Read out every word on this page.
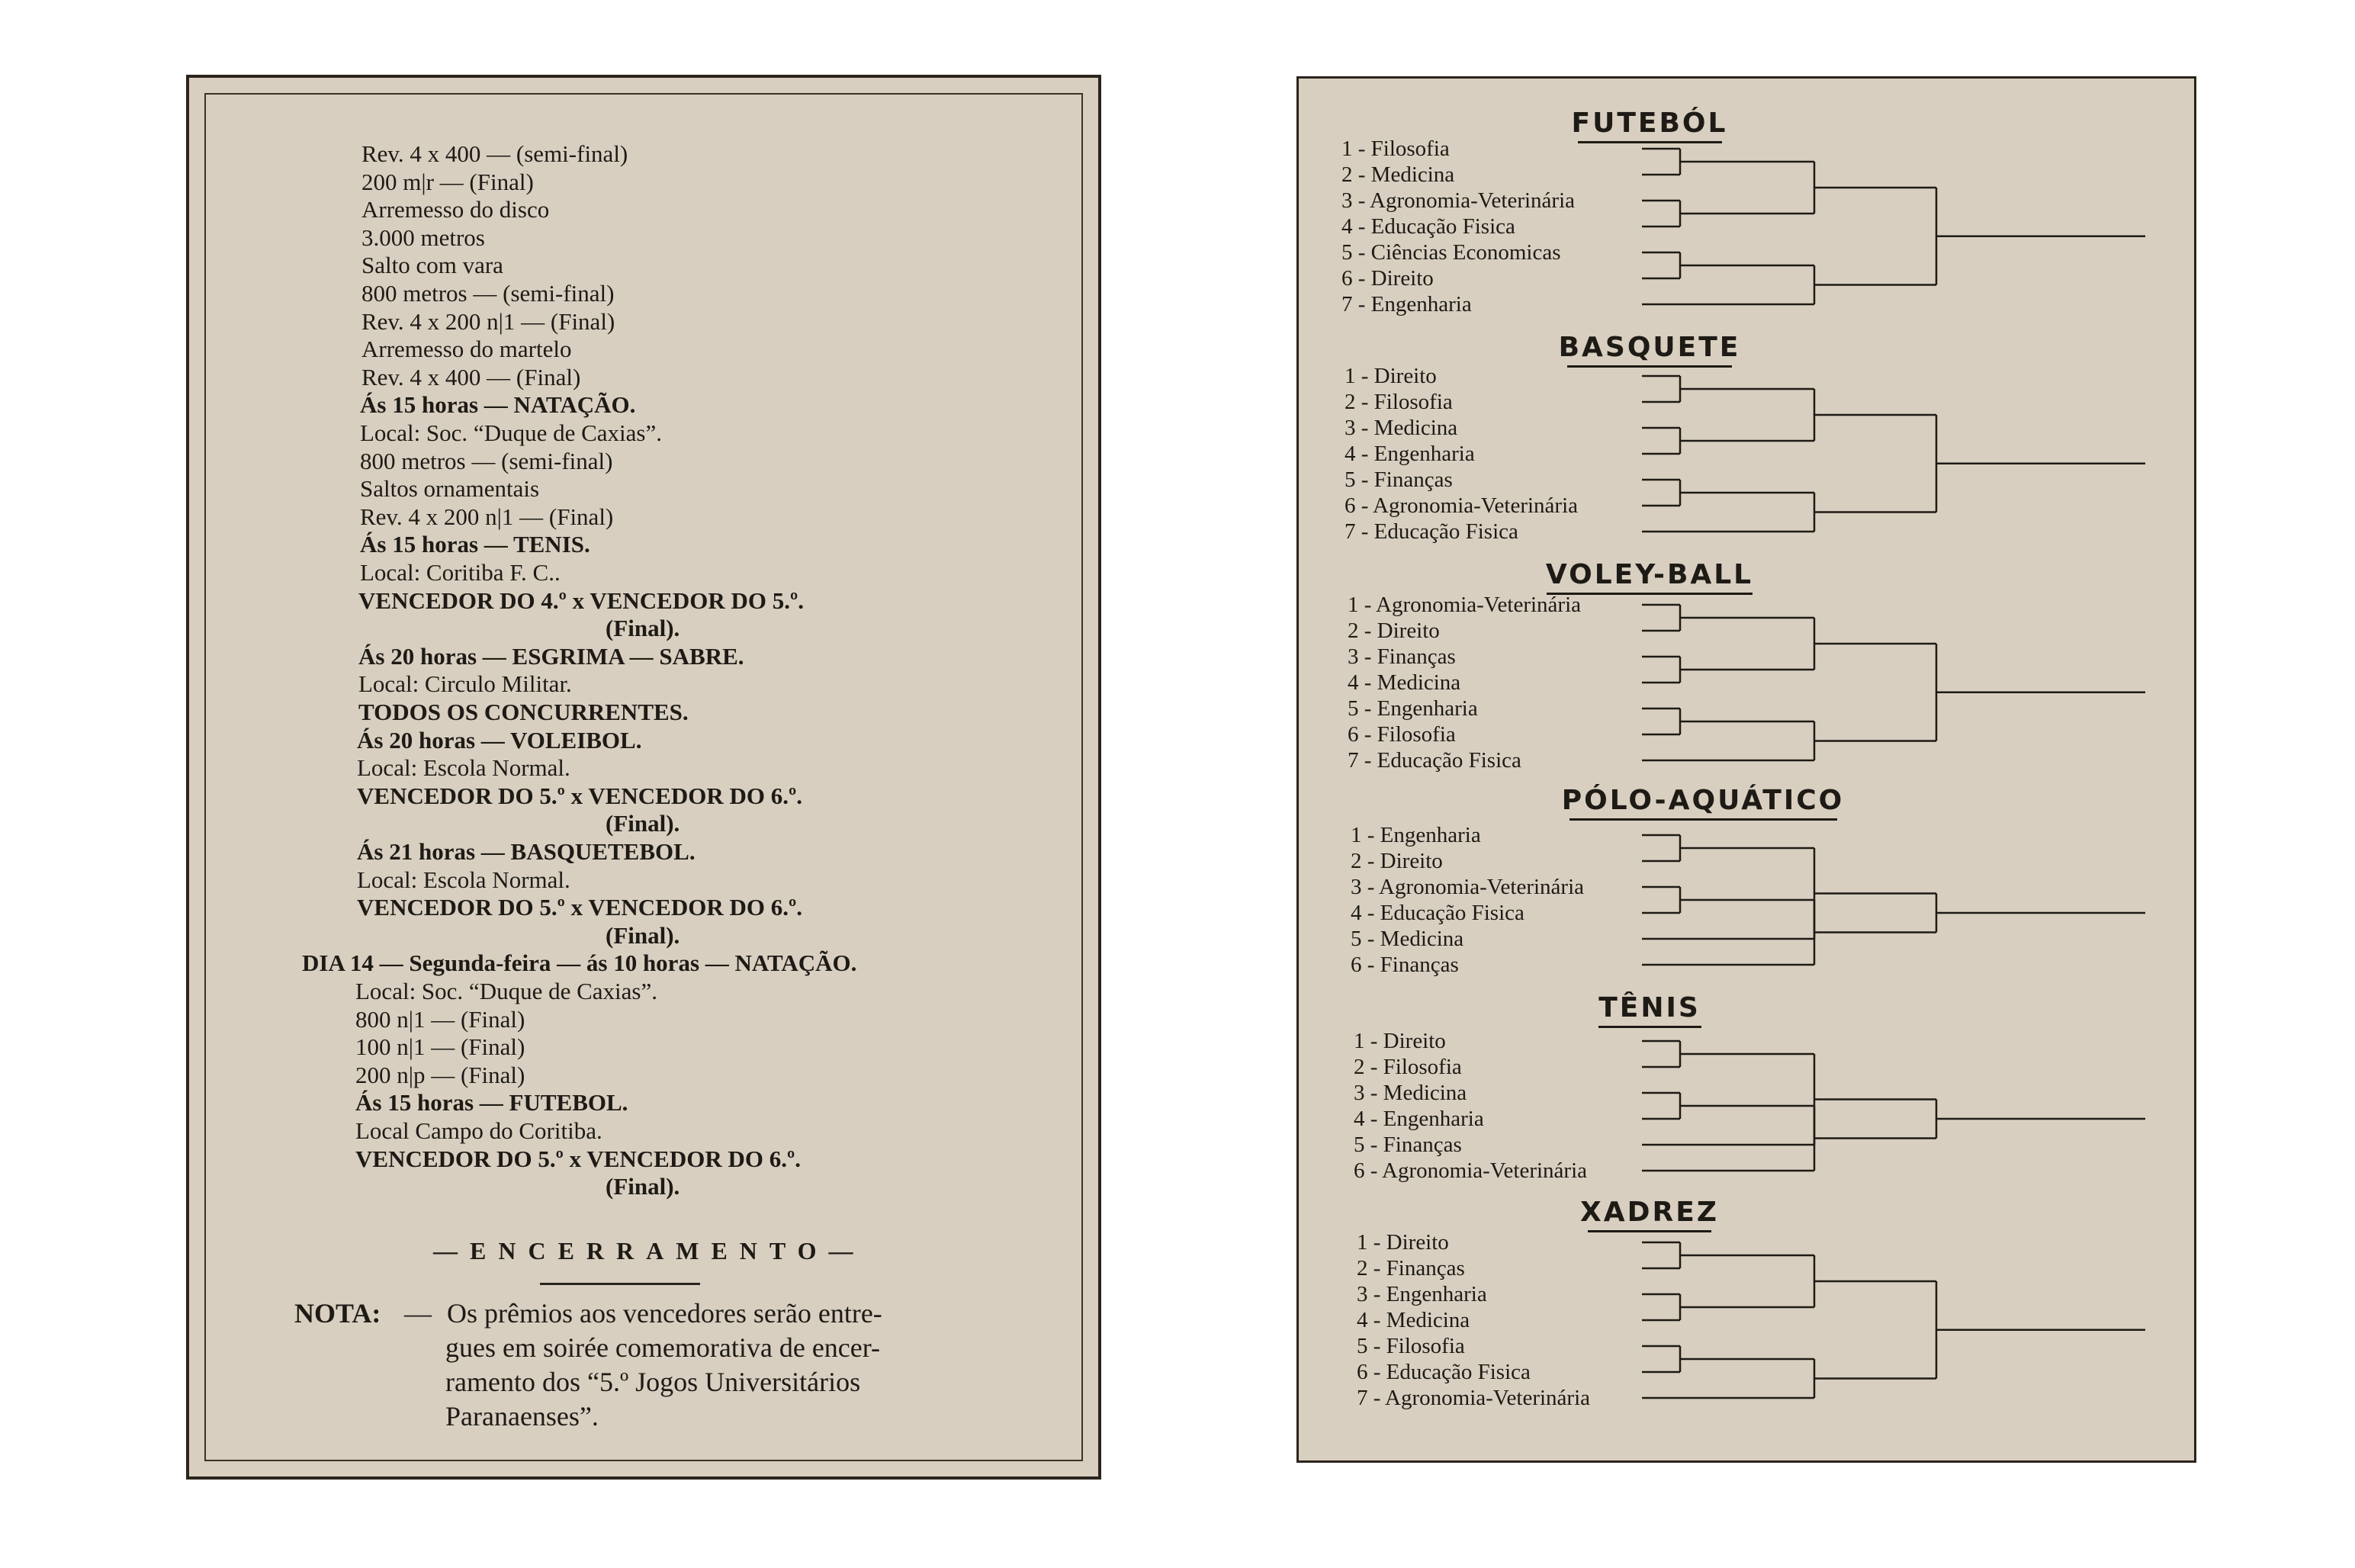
Rev. 4 x 400 — (semi-final)
200 m|r — (Final)
Arremesso do disco
3.000 metros
Salto com vara
800 metros — (semi-final)
Rev. 4 x 200 n|1 — (Final)
Arremesso do martelo
Rev. 4 x 400 — (Final)
Ás 15 horas — NATAÇÃO.
Local: Soc. “Duque de Caxias”.
800 metros — (semi-final)
Saltos ornamentais
Rev. 4 x 200 n|1 — (Final)
Ás 15 horas — TENIS.
Local: Coritiba F. C..
VENCEDOR DO 4.º x VENCEDOR DO 5.º.
(Final).
Ás 20 horas — ESGRIMA — SABRE.
Local: Circulo Militar.
TODOS OS CONCURRENTES.
Ás 20 horas — VOLEIBOL.
Local: Escola Normal.
VENCEDOR DO 5.º x VENCEDOR DO 6.º.
(Final).
Ás 21 horas — BASQUETEBOL.
Local: Escola Normal.
VENCEDOR DO 5.º x VENCEDOR DO 6.º.
(Final).
DIA 14 — Segunda-feira — ás 10 horas — NATAÇÃO.
Local: Soc. “Duque de Caxias”.
800 n|1 — (Final)
100 n|1 — (Final)
200 n|p — (Final)
Ás 15 horas — FUTEBOL.
Local Campo do Coritiba.
VENCEDOR DO 5.º x VENCEDOR DO 6.º.
(Final).
—ENCERRAMENTO—
NOTA: — Os prêmios aos vencedores serão entre-
gues em soirée comemorativa de encer-
ramento dos “5.º Jogos Universitários
Paranaenses”.
FUTEBÓL
1 - Filosofia
2 - Medicina
3 - Agronomia-Veterinária
4 - Educação Fisica
5 - Ciências Economicas
6 - Direito
7 - Engenharia
BASQUETE
1 - Direito
2 - Filosofia
3 - Medicina
4 - Engenharia
5 - Finanças
6 - Agronomia-Veterinária
7 - Educação Fisica
VOLEY-BALL
1 - Agronomia-Veterinária
2 - Direito
3 - Finanças
4 - Medicina
5 - Engenharia
6 - Filosofia
7 - Educação Fisica
PÓLO-AQUÁTICO
1 - Engenharia
2 - Direito
3 - Agronomia-Veterinária
4 - Educação Fisica
5 - Medicina
6 - Finanças
TÊNIS
1 - Direito
2 - Filosofia
3 - Medicina
4 - Engenharia
5 - Finanças
6 - Agronomia-Veterinária
XADREZ
1 - Direito
2 - Finanças
3 - Engenharia
4 - Medicina
5 - Filosofia
6 - Educação Fisica
7 - Agronomia-Veterinária
